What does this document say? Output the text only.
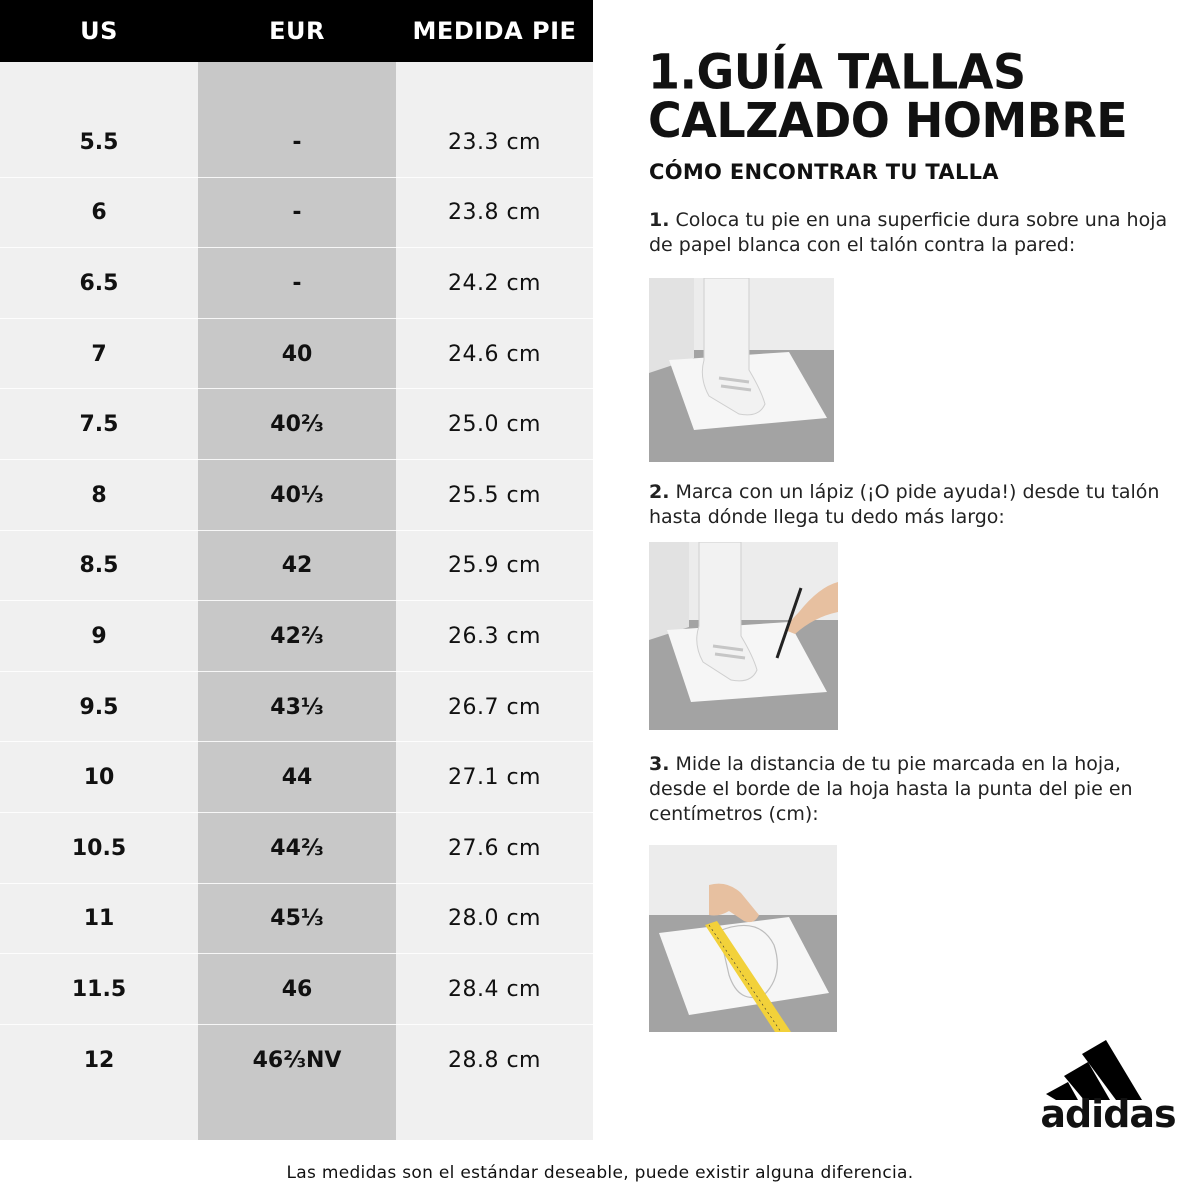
US	EUR	MEDIDA PIE
5.5	-	23.3 cm
6	-	23.8 cm
6.5	-	24.2 cm
7	40	24.6 cm
7.5	40⅔	25.0 cm
8	40⅓	25.5 cm
8.5	42	25.9 cm
9	42⅔	26.3 cm
9.5	43⅓	26.7 cm
10	44	27.1 cm
10.5	44⅔	27.6 cm
11	45⅓	28.0 cm
11.5	46	28.4 cm
12	46⅔NV	28.8 cm
1.GUÍA TALLAS
CALZADO HOMBRE
CÓMO ENCONTRAR TU TALLA
1. Coloca tu pie en una superficie dura sobre una hoja de papel blanca con el talón contra la pared:
2. Marca con un lápiz (¡O pide ayuda!) desde tu talón hasta dónde llega tu dedo más largo:
3. Mide la distancia de tu pie marcada en la hoja, desde el borde de la hoja hasta la punta del pie en centímetros (cm):
adidas
Las medidas son el estándar deseable, puede existir alguna diferencia.
